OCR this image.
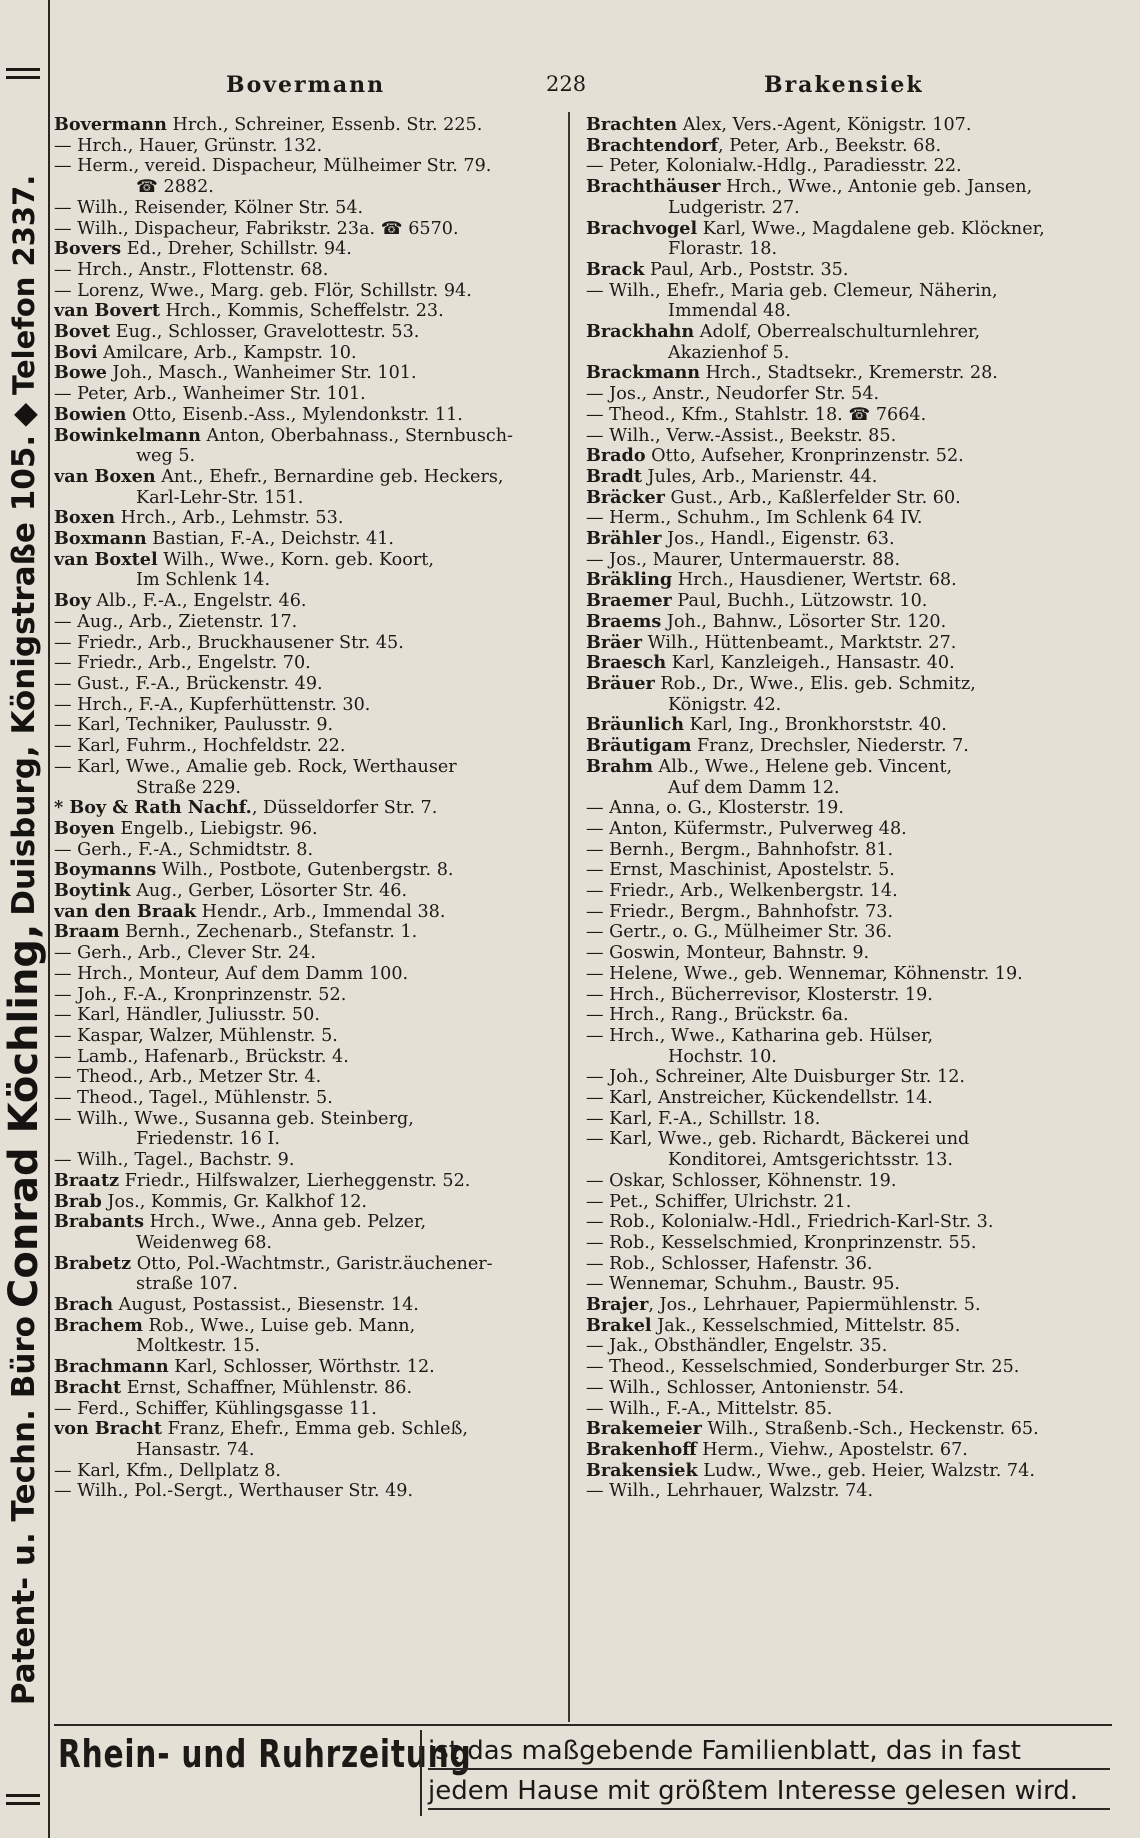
Patent- u. Techn. Büro
Conrad Köchling,
Duisburg, Königstraße 105.
◆
Telefon 2337.
Bovermann	228	Brakensiek
Bovermann Hrch., Schreiner, Essenb. Str. 225.
— Hrch., Hauer, Grünstr. 132.
— Herm., vereid. Dispacheur, Mülheimer Str. 79.
☎ 2882.
— Wilh., Reisender, Kölner Str. 54.
— Wilh., Dispacheur, Fabrikstr. 23a. ☎ 6570.
Bovers Ed., Dreher, Schillstr. 94.
— Hrch., Anstr., Flottenstr. 68.
— Lorenz, Wwe., Marg. geb. Flör, Schillstr. 94.
van Bovert Hrch., Kommis, Scheffelstr. 23.
Bovet Eug., Schlosser, Gravelottestr. 53.
Bovi Amilcare, Arb., Kampstr. 10.
Bowe Joh., Masch., Wanheimer Str. 101.
— Peter, Arb., Wanheimer Str. 101.
Bowien Otto, Eisenb.-Ass., Mylendonkstr. 11.
Bowinkelmann Anton, Oberbahnass., Sternbusch-
weg 5.
van Boxen Ant., Ehefr., Bernardine geb. Heckers,
Karl-Lehr-Str. 151.
Boxen Hrch., Arb., Lehmstr. 53.
Boxmann Bastian, F.-A., Deichstr. 41.
van Boxtel Wilh., Wwe., Korn. geb. Koort,
Im Schlenk 14.
Boy Alb., F.-A., Engelstr. 46.
— Aug., Arb., Zietenstr. 17.
— Friedr., Arb., Bruckhausener Str. 45.
— Friedr., Arb., Engelstr. 70.
— Gust., F.-A., Brückenstr. 49.
— Hrch., F.-A., Kupferhüttenstr. 30.
— Karl, Techniker, Paulusstr. 9.
— Karl, Fuhrm., Hochfeldstr. 22.
— Karl, Wwe., Amalie geb. Rock, Werthauser
Straße 229.
* Boy & Rath Nachf., Düsseldorfer Str. 7.
Boyen Engelb., Liebigstr. 96.
— Gerh., F.-A., Schmidtstr. 8.
Boymanns Wilh., Postbote, Gutenbergstr. 8.
Boytink Aug., Gerber, Lösorter Str. 46.
van den Braak Hendr., Arb., Immendal 38.
Braam Bernh., Zechenarb., Stefanstr. 1.
— Gerh., Arb., Clever Str. 24.
— Hrch., Monteur, Auf dem Damm 100.
— Joh., F.-A., Kronprinzenstr. 52.
— Karl, Händler, Juliusstr. 50.
— Kaspar, Walzer, Mühlenstr. 5.
— Lamb., Hafenarb., Brückstr. 4.
— Theod., Arb., Metzer Str. 4.
— Theod., Tagel., Mühlenstr. 5.
— Wilh., Wwe., Susanna geb. Steinberg,
Friedenstr. 16 I.
— Wilh., Tagel., Bachstr. 9.
Braatz Friedr., Hilfswalzer, Lierheggenstr. 52.
Brab Jos., Kommis, Gr. Kalkhof 12.
Brabants Hrch., Wwe., Anna geb. Pelzer,
Weidenweg 68.
Brabetz Otto, Pol.-Wachtmstr., Garistr.äuchener-
straße 107.
Brach August, Postassist., Biesenstr. 14.
Brachem Rob., Wwe., Luise geb. Mann,
Moltkestr. 15.
Brachmann Karl, Schlosser, Wörthstr. 12.
Bracht Ernst, Schaffner, Mühlenstr. 86.
— Ferd., Schiffer, Kühlingsgasse 11.
von Bracht Franz, Ehefr., Emma geb. Schleß,
Hansastr. 74.
— Karl, Kfm., Dellplatz 8.
— Wilh., Pol.-Sergt., Werthauser Str. 49.
Brachten Alex, Vers.-Agent, Königstr. 107.
Brachtendorf, Peter, Arb., Beekstr. 68.
— Peter, Kolonialw.-Hdlg., Paradiesstr. 22.
Brachthäuser Hrch., Wwe., Antonie geb. Jansen,
Ludgeristr. 27.
Brachvogel Karl, Wwe., Magdalene geb. Klöckner,
Florastr. 18.
Brack Paul, Arb., Poststr. 35.
— Wilh., Ehefr., Maria geb. Clemeur, Näherin,
Immendal 48.
Brackhahn Adolf, Oberrealschulturnlehrer,
Akazienhof 5.
Brackmann Hrch., Stadtsekr., Kremerstr. 28.
— Jos., Anstr., Neudorfer Str. 54.
— Theod., Kfm., Stahlstr. 18. ☎ 7664.
— Wilh., Verw.-Assist., Beekstr. 85.
Brado Otto, Aufseher, Kronprinzenstr. 52.
Bradt Jules, Arb., Marienstr. 44.
Bräcker Gust., Arb., Kaßlerfelder Str. 60.
— Herm., Schuhm., Im Schlenk 64 IV.
Brähler Jos., Handl., Eigenstr. 63.
— Jos., Maurer, Untermauerstr. 88.
Bräkling Hrch., Hausdiener, Wertstr. 68.
Braemer Paul, Buchh., Lützowstr. 10.
Braems Joh., Bahnw., Lösorter Str. 120.
Bräer Wilh., Hüttenbeamt., Marktstr. 27.
Braesch Karl, Kanzleigeh., Hansastr. 40.
Bräuer Rob., Dr., Wwe., Elis. geb. Schmitz,
Königstr. 42.
Bräunlich Karl, Ing., Bronkhorststr. 40.
Bräutigam Franz, Drechsler, Niederstr. 7.
Brahm Alb., Wwe., Helene geb. Vincent,
Auf dem Damm 12.
— Anna, o. G., Klosterstr. 19.
— Anton, Küfermstr., Pulverweg 48.
— Bernh., Bergm., Bahnhofstr. 81.
— Ernst, Maschinist, Apostelstr. 5.
— Friedr., Arb., Welkenbergstr. 14.
— Friedr., Bergm., Bahnhofstr. 73.
— Gertr., o. G., Mülheimer Str. 36.
— Goswin, Monteur, Bahnstr. 9.
— Helene, Wwe., geb. Wennemar, Köhnenstr. 19.
— Hrch., Bücherrevisor, Klosterstr. 19.
— Hrch., Rang., Brückstr. 6a.
— Hrch., Wwe., Katharina geb. Hülser,
Hochstr. 10.
— Joh., Schreiner, Alte Duisburger Str. 12.
— Karl, Anstreicher, Kückendellstr. 14.
— Karl, F.-A., Schillstr. 18.
— Karl, Wwe., geb. Richardt, Bäckerei und
Konditorei, Amtsgerichtsstr. 13.
— Oskar, Schlosser, Köhnenstr. 19.
— Pet., Schiffer, Ulrichstr. 21.
— Rob., Kolonialw.-Hdl., Friedrich-Karl-Str. 3.
— Rob., Kesselschmied, Kronprinzenstr. 55.
— Rob., Schlosser, Hafenstr. 36.
— Wennemar, Schuhm., Baustr. 95.
Brajer, Jos., Lehrhauer, Papiermühlenstr. 5.
Brakel Jak., Kesselschmied, Mittelstr. 85.
— Jak., Obsthändler, Engelstr. 35.
— Theod., Kesselschmied, Sonderburger Str. 25.
— Wilh., Schlosser, Antonienstr. 54.
— Wilh., F.-A., Mittelstr. 85.
Brakemeier Wilh., Straßenb.-Sch., Heckenstr. 65.
Brakenhoff Herm., Viehw., Apostelstr. 67.
Brakensiek Ludw., Wwe., geb. Heier, Walzstr. 74.
— Wilh., Lehrhauer, Walzstr. 74.
Rhein- und Ruhrzeitung
ist das maßgebende Familienblatt, das in fast
jedem Hause mit größtem Interesse gelesen wird.
